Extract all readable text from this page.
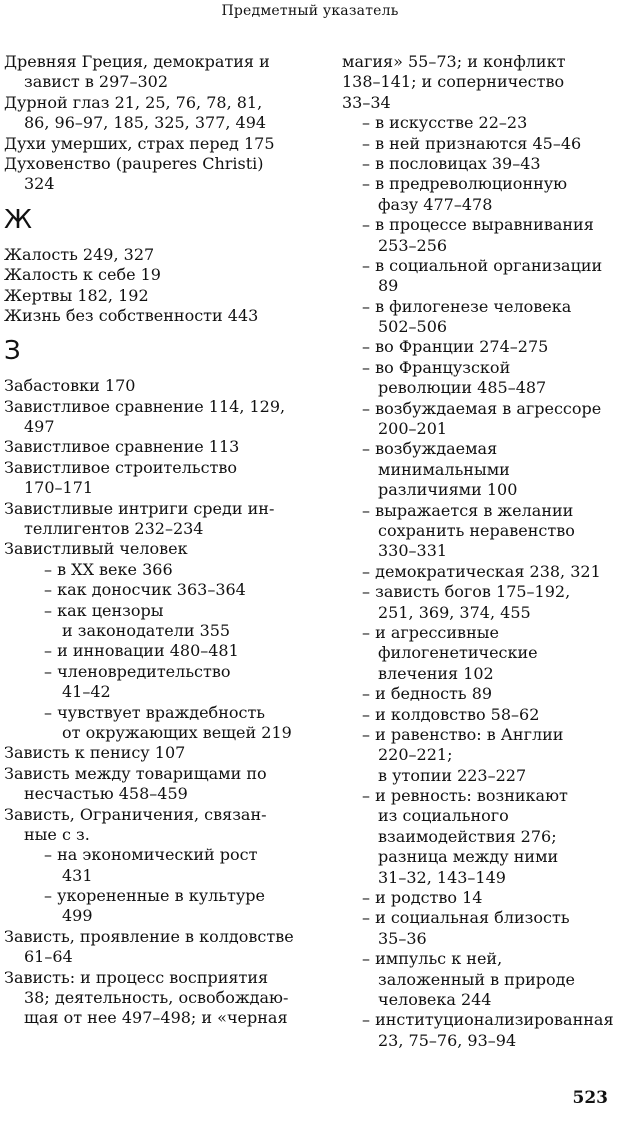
Предметный указатель
Древняя Греция, демократия и
завист в 297–302
Дурной глаз 21, 25, 76, 78, 81,
86, 96–97, 185, 325, 377, 494
Духи умерших, страх перед 175
Духовенство (pauperes Christi)
324
Ж
Жалость 249, 327
Жалость к себе 19
Жертвы 182, 192
Жизнь без собственности 443
З
Забастовки 170
Завистливое сравнение 114, 129,
497
Завистливое сравнение 113
Завистливое строительство
170–171
Завистливые интриги среди ин-
теллигентов 232–234
Завистливый человек
– в XX веке 366
– как доносчик 363–364
– как цензоры
и законодатели 355
– и инновации 480–481
– членовредительство
41–42
– чувствует враждебность
от окружающих вещей 219
Зависть к пенису 107
Зависть между товарищами по
несчастью 458–459
Зависть, Ограничения, связан-
ные с з.
– на экономический рост
431
– укорененные в культуре
499
Зависть, проявление в колдовстве
61–64
Зависть: и процесс восприятия
38; деятельность, освобождаю-
щая от нее 497–498; и «черная
магия» 55–73; и конфликт
138–141; и соперничество
33–34
– в искусстве 22–23
– в ней признаются 45–46
– в пословицах 39–43
– в предреволюционную
фазу 477–478
– в процессе выравнивания
253–256
– в социальной организации
89
– в филогенезе человека
502–506
– во Франции 274–275
– во Французской
революции 485–487
– возбуждаемая в агрессоре
200–201
– возбуждаемая
минимальными
различиями 100
– выражается в желании
сохранить неравенство
330–331
– демократическая 238, 321
– зависть богов 175–192,
251, 369, 374, 455
– и агрессивные
филогенетические
влечения 102
– и бедность 89
– и колдовство 58–62
– и равенство: в Англии
220–221;
в утопии 223–227
– и ревность: возникают
из социального
взаимодействия 276;
разница между ними
31–32, 143–149
– и родство 14
– и социальная близость
35–36
– импульс к ней,
заложенный в природе
человека 244
– институционализированная
23, 75–76, 93–94
523
